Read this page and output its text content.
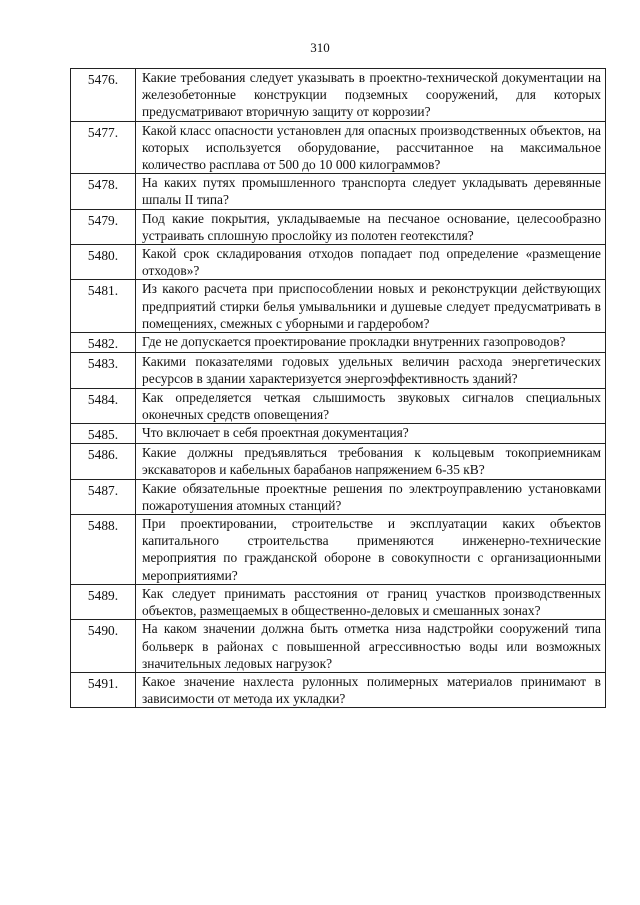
310
5476.	Какие требования следует указывать в проектно-технической документации на железобетонные конструкции подземных сооружений, для которых предусматривают вторичную защиту от коррозии?
5477.	Какой класс опасности установлен для опасных производственных объектов, на которых используется оборудование, рассчитанное на максимальное количество расплава от 500 до 10 000 килограммов?
5478.	На каких путях промышленного транспорта следует укладывать деревянные шпалы II типа?
5479.	Под какие покрытия, укладываемые на песчаное основание, целесообразно устраивать сплошную прослойку из полотен геотекстиля?
5480.	Какой срок складирования отходов попадает под определение «размещение отходов»?
5481.	Из какого расчета при приспособлении новых и реконструкции действующих предприятий стирки белья умывальники и душевые следует предусматривать в помещениях, смежных с уборными и гардеробом?
5482.	Где не допускается проектирование прокладки внутренних газопроводов?
5483.	Какими показателями годовых удельных величин расхода энергетических ресурсов в здании характеризуется энергоэффективность зданий?
5484.	Как определяется четкая слышимость звуковых сигналов специальных оконечных средств оповещения?
5485.	Что включает в себя проектная документация?
5486.	Какие должны предъявляться требования к кольцевым токоприемникам экскаваторов и кабельных барабанов напряжением 6-35 кВ?
5487.	Какие обязательные проектные решения по электроуправлению установками пожаротушения атомных станций?
5488.	При проектировании, строительстве и эксплуатации каких объектов капитального строительства применяются инженерно-технические мероприятия по гражданской обороне в совокупности с организационными мероприятиями?
5489.	Как следует принимать расстояния от границ участков производственных объектов, размещаемых в общественно-деловых и смешанных зонах?
5490.	На каком значении должна быть отметка низа надстройки сооружений типа больверк в районах с повышенной агрессивностью воды или возможных значительных ледовых нагрузок?
5491.	Какое значение нахлеста рулонных полимерных материалов принимают в зависимости от метода их укладки?
